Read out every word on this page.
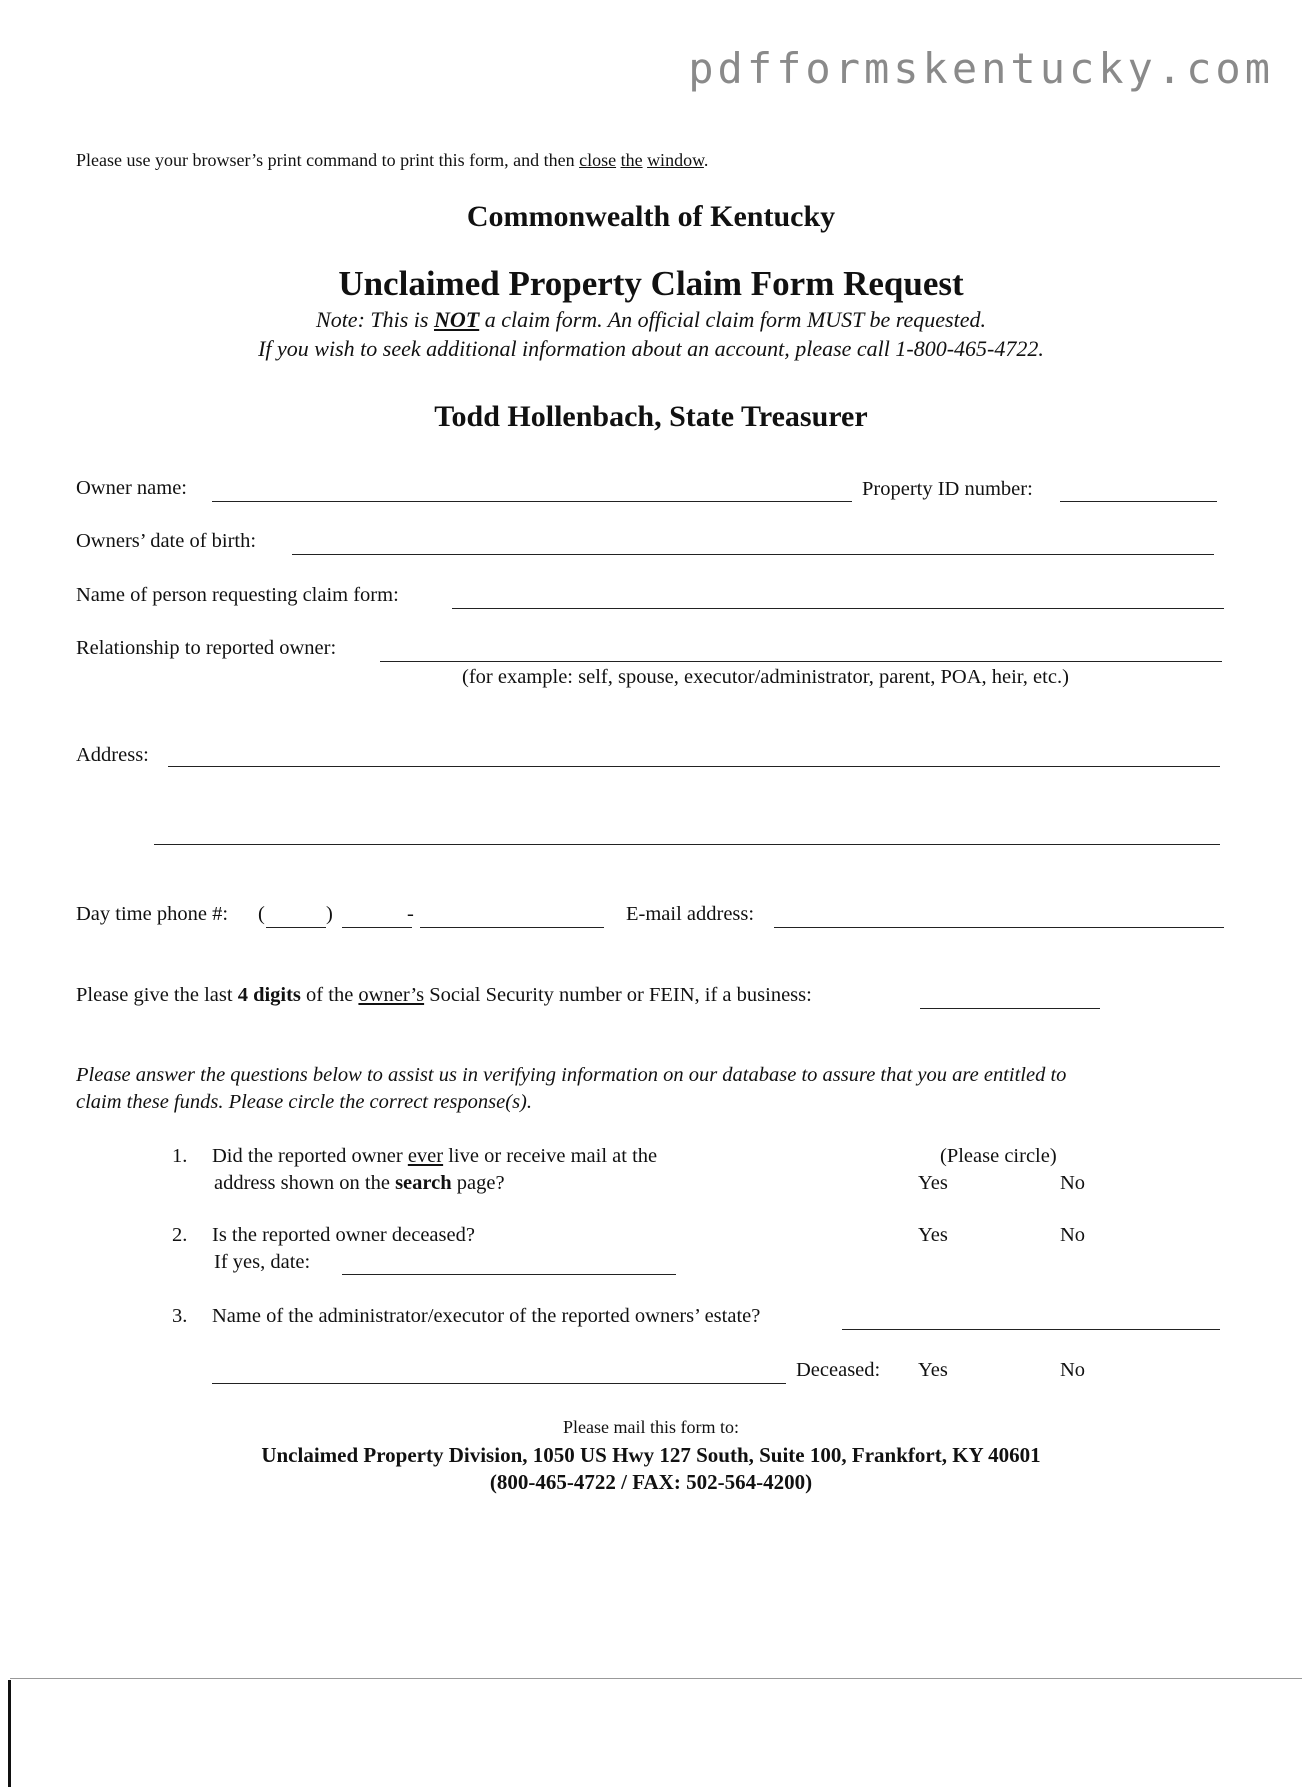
pdfformskentucky.com
Please use your browser’s print command to print this form, and then close the window.
Commonwealth of Kentucky
Unclaimed Property Claim Form Request
Note: This is NOT a claim form. An official claim form MUST be requested.
If you wish to seek additional information about an account, please call 1-800-465-4722.
Todd Hollenbach, State Treasurer
Owner name:	Property ID number:
Owners’ date of birth:
Name of person requesting claim form:
Relationship to reported owner:
(for example: self, spouse, executor/administrator, parent, POA, heir, etc.)
Address:
Day time phone #: (	)	-	E-mail address:
Please give the last 4 digits of the owner’s Social Security number or FEIN, if a business:
Please answer the questions below to assist us in verifying information on our database to assure that you are entitled to
claim these funds. Please circle the correct response(s).
1. Did the reported owner ever live or receive mail at the
address shown on the search page?
(Please circle)
Yes	No
2. Is the reported owner deceased?	Yes	No
If yes, date:
3. Name of the administrator/executor of the reported owners’ estate?
Deceased: Yes	No
Please mail this form to:
Unclaimed Property Division, 1050 US Hwy 127 South, Suite 100, Frankfort, KY 40601
(800-465-4722 / FAX: 502-564-4200)
